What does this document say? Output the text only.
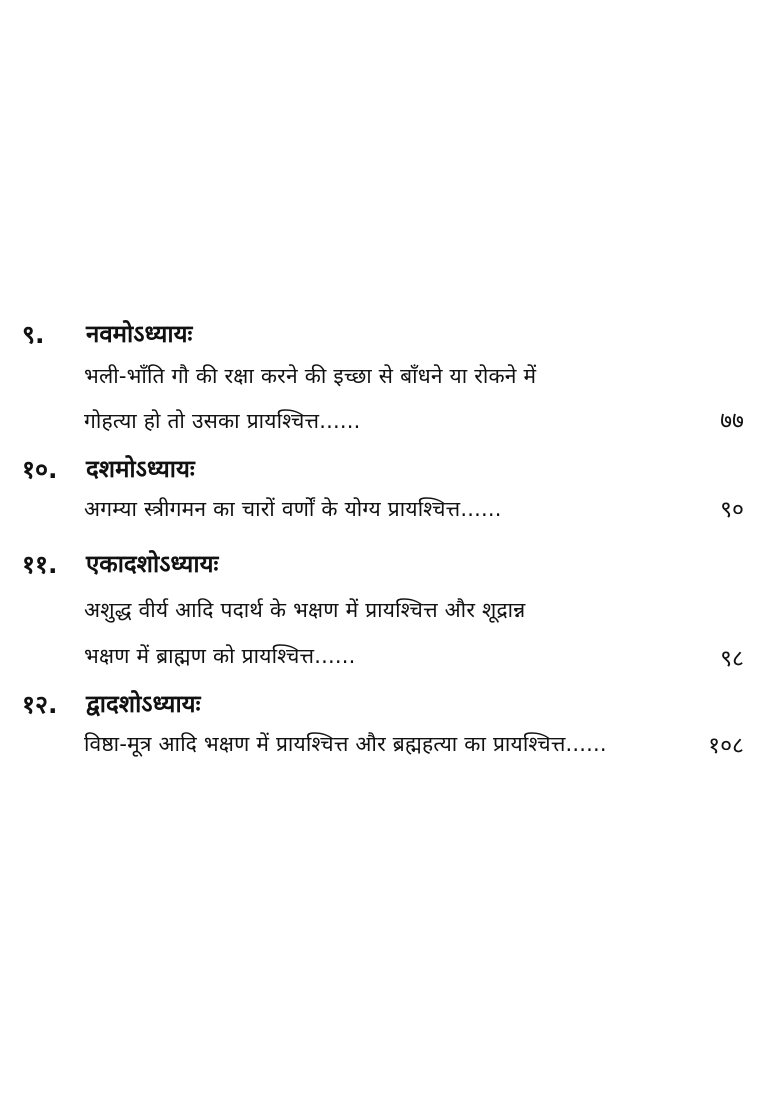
९. नवमोऽध्यायः
भली-भाँति गौ की रक्षा करने की इच्छा से बाँधने या रोकने में
गोहत्या हो तो उसका प्रायश्चित्त......	७७
१०. दशमोऽध्यायः
अगम्या स्त्रीगमन का चारों वर्णों के योग्य प्रायश्चित्त......	९०
११. एकादशोऽध्यायः
अशुद्ध वीर्य आदि पदार्थ के भक्षण में प्रायश्चित्त और शूद्रान्न
भक्षण में ब्राह्मण को प्रायश्चित्त......	९८
१२. द्वादशोऽध्यायः
विष्ठा-मूत्र आदि भक्षण में प्रायश्चित्त और ब्रह्महत्या का प्रायश्चित्त......	१०८
